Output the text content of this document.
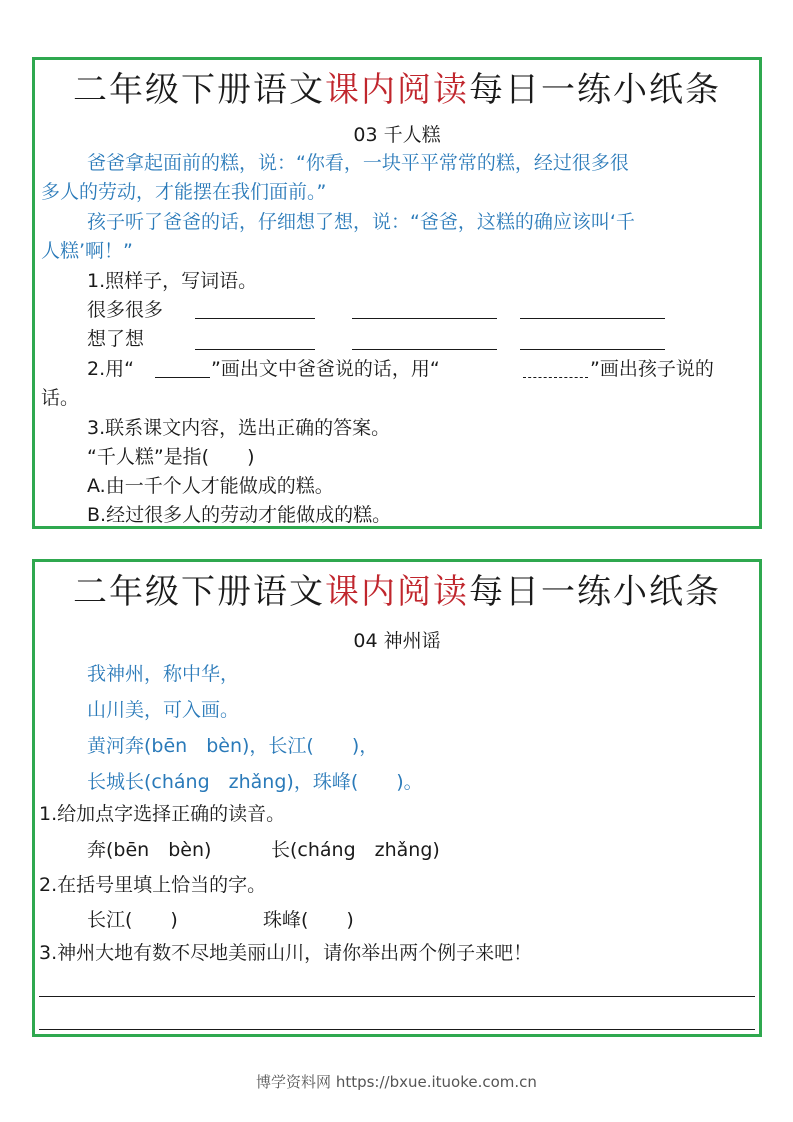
二年级下册语文课内阅读每日一练小纸条
03 千人糕
爸爸拿起面前的糕，说：“你看，一块平平常常的糕，经过很多很
多人的劳动，才能摆在我们面前。”
孩子听了爸爸的话，仔细想了想，说：“爸爸，这糕的确应该叫‘千
人糕’啊！”
1.照样子，写词语。
很多很多
想了想
2.用“	”画出文中爸爸说的话，用“	”画出孩子说的
话。
3.联系课文内容，选出正确的答案。
“千人糕”是指(　　)
A.由一千个人才能做成的糕。
B.经过很多人的劳动才能做成的糕。
二年级下册语文课内阅读每日一练小纸条
04 神州谣
我神州，称中华，
山川美，可入画。
黄河奔(bēn　bèn)，长江(　　)，
长城长(cháng　zhǎng)，珠峰(　　)。
1.给加点字选择正确的读音。
奔(bēn　bèn)	长(cháng　zhǎng)
2.在括号里填上恰当的字。
长江(　　)	珠峰(　　)
3.神州大地有数不尽地美丽山川，请你举出两个例子来吧！
博学资料网 https://bxue.ituoke.com.cn
